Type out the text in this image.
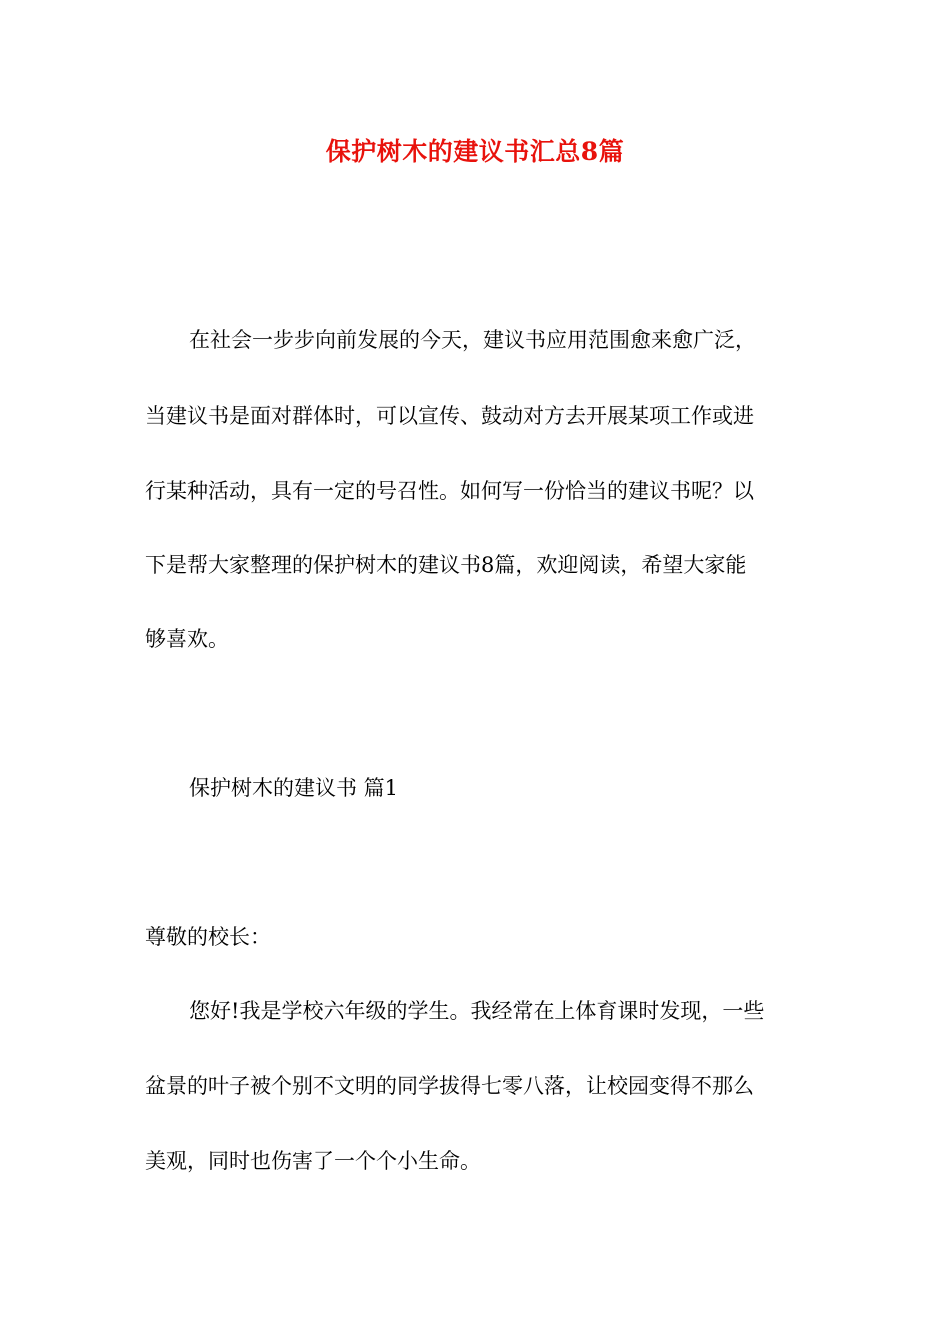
保护树木的建议书汇总8篇
在社会一步步向前发展的今天，建议书应用范围愈来愈广泛，
当建议书是面对群体时，可以宣传、鼓动对方去开展某项工作或进
行某种活动，具有一定的号召性。如何写一份恰当的建议书呢？以
下是帮大家整理的保护树木的建议书8篇，欢迎阅读，希望大家能
够喜欢。
保护树木的建议书 篇1
尊敬的校长：
您好!我是学校六年级的学生。我经常在上体育课时发现，一些
盆景的叶子被个别不文明的同学拔得七零八落，让校园变得不那么
美观，同时也伤害了一个个小生命。
